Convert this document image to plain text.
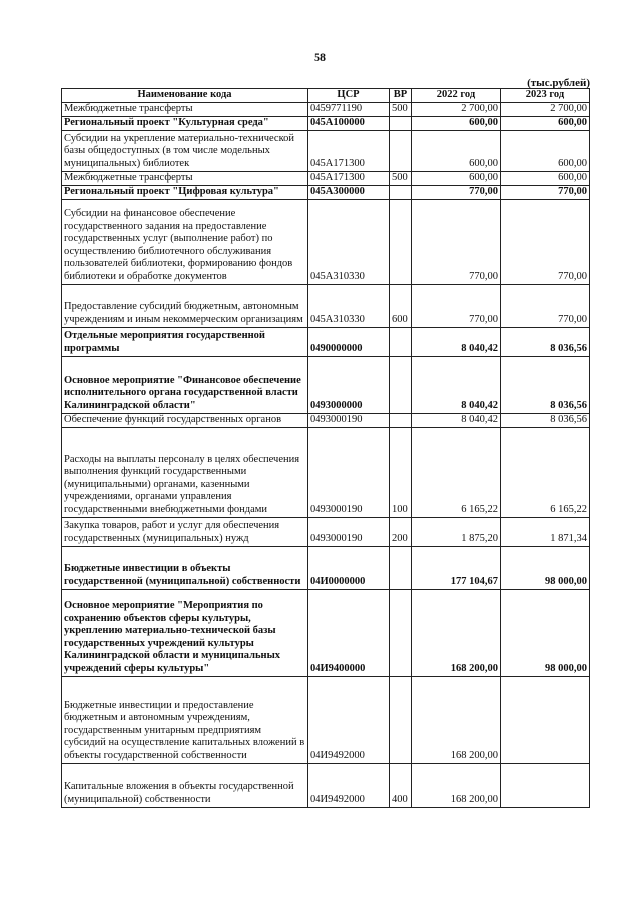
58
(тыс.рублей)
Наименование кода	ЦСР	ВР	2022 год	2023 год
Межбюджетные трансферты	0459771190	500	2 700,00	2 700,00
Региональный проект "Культурная среда"	045А100000		600,00	600,00
Субсидии на укрепление материально-технической базы общедоступных (в том числе модельных муниципальных) библиотек	045А171300		600,00	600,00
Межбюджетные трансферты	045А171300	500	600,00	600,00
Региональный проект "Цифровая культура"	045А300000		770,00	770,00
Субсидии на финансовое обеспечение государственного задания на предоставление государственных услуг (выполнение работ) по осуществлению библиотечного обслуживания пользователей библиотеки, формированию фондов библиотеки и обработке документов	045А310330		770,00	770,00
Предоставление субсидий бюджетным, автономным учреждениям и иным некоммерческим организациям	045А310330	600	770,00	770,00
Отдельные мероприятия государственной программы	0490000000		8 040,42	8 036,56
Основное мероприятие "Финансовое обеспечение исполнительного органа государственной власти Калининградской области"	0493000000		8 040,42	8 036,56
Обеспечение функций государственных органов	0493000190		8 040,42	8 036,56
Расходы на выплаты персоналу в целях обеспечения выполнения функций государственными (муниципальными) органами, казенными учреждениями, органами управления государственными внебюджетными фондами	0493000190	100	6 165,22	6 165,22
Закупка товаров, работ и услуг для обеспечения государственных (муниципальных) нужд	0493000190	200	1 875,20	1 871,34
Бюджетные инвестиции в объекты государственной (муниципальной) собственности	04И0000000		177 104,67	98 000,00
Основное мероприятие "Мероприятия по сохранению объектов сферы культуры, укреплению материально-технической базы государственных учреждений культуры Калининградской области и муниципальных учреждений сферы культуры"	04И9400000		168 200,00	98 000,00
Бюджетные инвестиции и предоставление бюджетным и автономным учреждениям, государственным унитарным предприятиям субсидий на осуществление капитальных вложений в объекты государственной собственности	04И9492000		168 200,00	
Капитальные вложения в объекты государственной (муниципальной) собственности	04И9492000	400	168 200,00	
